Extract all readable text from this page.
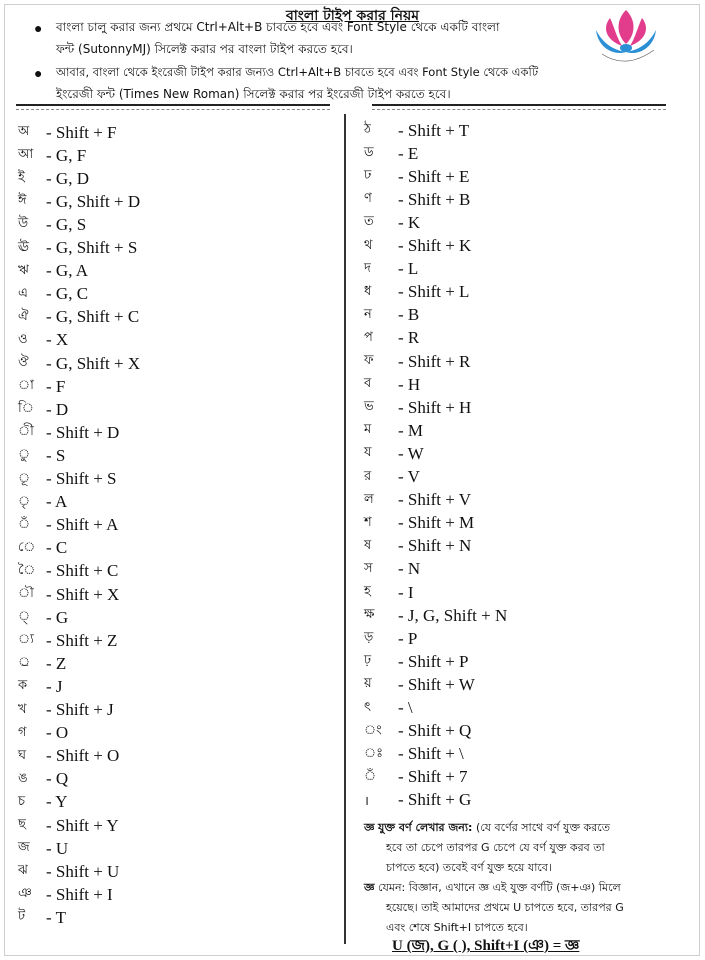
বাংলা টাইপ করার নিয়ম
● বাংলা চালু করার জন্য প্রথমে Ctrl+Alt+B চাবতে হবে এবং Font Style থেকে একটি বাংলা
ফন্ট (SutonnyMJ) সিলেক্ট করার পর বাংলা টাইপ করতে হবে।
● আবার, বাংলা থেকে ইংরেজী টাইপ করার জন্যও Ctrl+Alt+B চাবতে হবে এবং Font Style থেকে একটি
ইংরেজী ফন্ট (Times New Roman) সিলেক্ট করার পর ইংরেজী টাইপ করতে হবে।
অ - Shift + F
আ - G, F
ই	- G, D
ঈ	- G, Shift + D
উ	- G, S
ঊ - G, Shift + S
ঋ	- G, A
এ	- G, C
ঐ	- G, Shift + C
ও	- X
ঔ	- G, Shift + X
া - F
ি - D
ী - Shift + D
ু - S
ূ - Shift + S
ৃ - A
ঁ - Shift + A
ে - C
ৈ - Shift + C
ৗ - Shift + X
্ - G
্য - Shift + Z
্র - Z
ক	- J
খ	- Shift + J
গ	- O
ঘ	- Shift + O
ঙ	- Q
চ	- Y
ছ	- Shift + Y
জ - U
ঝ	- Shift + U
ঞ - Shift + I
ট	- T
ঠ	- Shift + T
ড	- E
ঢ	- Shift + E
ণ	- Shift + B
ত	- K
থ	- Shift + K
দ	- L
ধ	- Shift + L
ন	- B
প	- R
ফ	- Shift + R
ব	- H
ভ	- Shift + H
ম	- M
য	- W
র	- V
ল	- Shift + V
শ	- Shift + M
ষ	- Shift + N
স	- N
হ	- I
ক্ষ	- J, G, Shift + N
ড়	- P
ঢ়	- Shift + P
য়	- Shift + W
ৎ	- \
ং - Shift + Q
ঃ - Shift + \
ঁ	- Shift + 7
।	- Shift + G
জ্ঞ যুক্ত বর্ণ লেখার জন্য: (যে বর্ণের সাথে বর্ণ যুক্ত করতে
হবে তা চেপে তারপর G চেপে যে বর্ণ যুক্ত করব তা
চাপতে হবে) তবেই বর্ণ যুক্ত হয়ে যাবে।
জ্ঞ যেমন: বিজ্ঞান, এখানে জ্ঞ এই যুক্ত বর্ণটি (জ+ঞ) মিলে
হয়েছে। তাই আমাদের প্রথমে U চাপতে হবে, তারপর G
এবং শেষে Shift+I চাপতে হবে।
U (জ), G ( ), Shift+I (ঞ) = জ্ঞ
